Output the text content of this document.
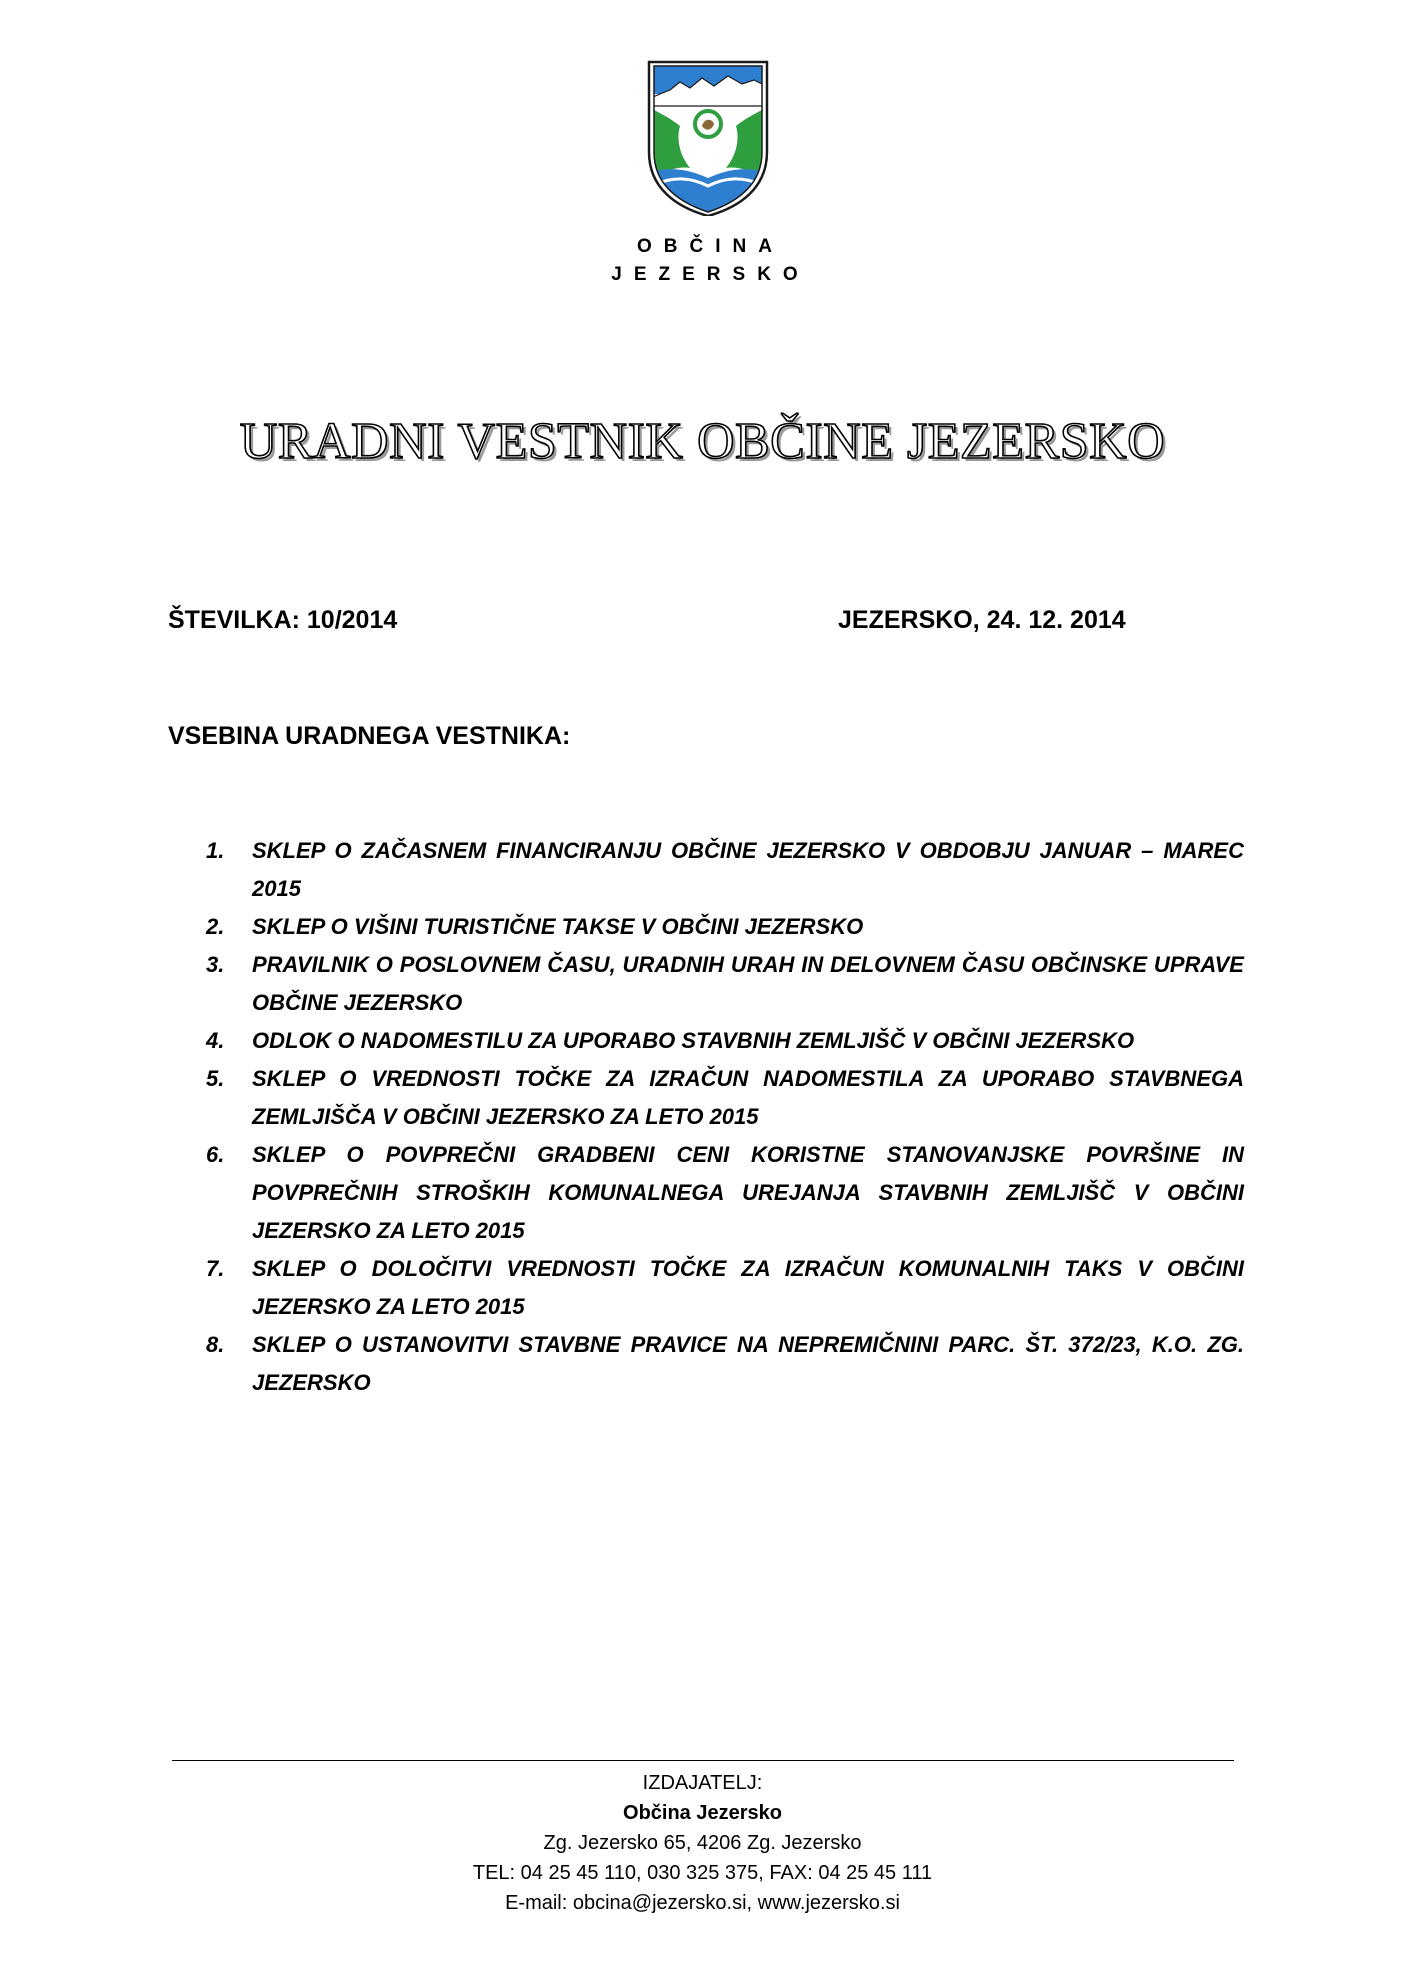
OBČINA
JEZERSKO
URADNI VESTNIK OBČINE JEZERSKO
ŠTEVILKA: 10/2014	JEZERSKO, 24. 12. 2014
VSEBINA URADNEGA VESTNIKA:
1.	SKLEP O ZAČASNEM FINANCIRANJU OBČINE JEZERSKO V OBDOBJU JANUAR – MAREC 2015
2.	SKLEP O VIŠINI TURISTIČNE TAKSE V OBČINI JEZERSKO
3.	PRAVILNIK O POSLOVNEM ČASU, URADNIH URAH IN DELOVNEM ČASU OBČINSKE UPRAVE OBČINE JEZERSKO
4.	ODLOK O NADOMESTILU ZA UPORABO STAVBNIH ZEMLJIŠČ V OBČINI JEZERSKO
5.	SKLEP O VREDNOSTI TOČKE ZA IZRAČUN NADOMESTILA ZA UPORABO STAVBNEGA ZEMLJIŠČA V OBČINI JEZERSKO ZA LETO 2015
6.	SKLEP O POVPREČNI GRADBENI CENI KORISTNE STANOVANJSKE POVRŠINE IN POVPREČNIH STROŠKIH KOMUNALNEGA UREJANJA STAVBNIH ZEMLJIŠČ V OBČINI JEZERSKO ZA LETO 2015
7.	SKLEP O DOLOČITVI VREDNOSTI TOČKE ZA IZRAČUN KOMUNALNIH TAKS V OBČINI JEZERSKO ZA LETO 2015
8.	SKLEP O USTANOVITVI STAVBNE PRAVICE NA NEPREMIČNINI PARC. ŠT. 372/23, K.O. ZG. JEZERSKO
IZDAJATELJ:
Občina Jezersko
Zg. Jezersko 65, 4206 Zg. Jezersko
TEL: 04 25 45 110, 030 325 375, FAX: 04 25 45 111
E-mail: obcina@jezersko.si, www.jezersko.si
